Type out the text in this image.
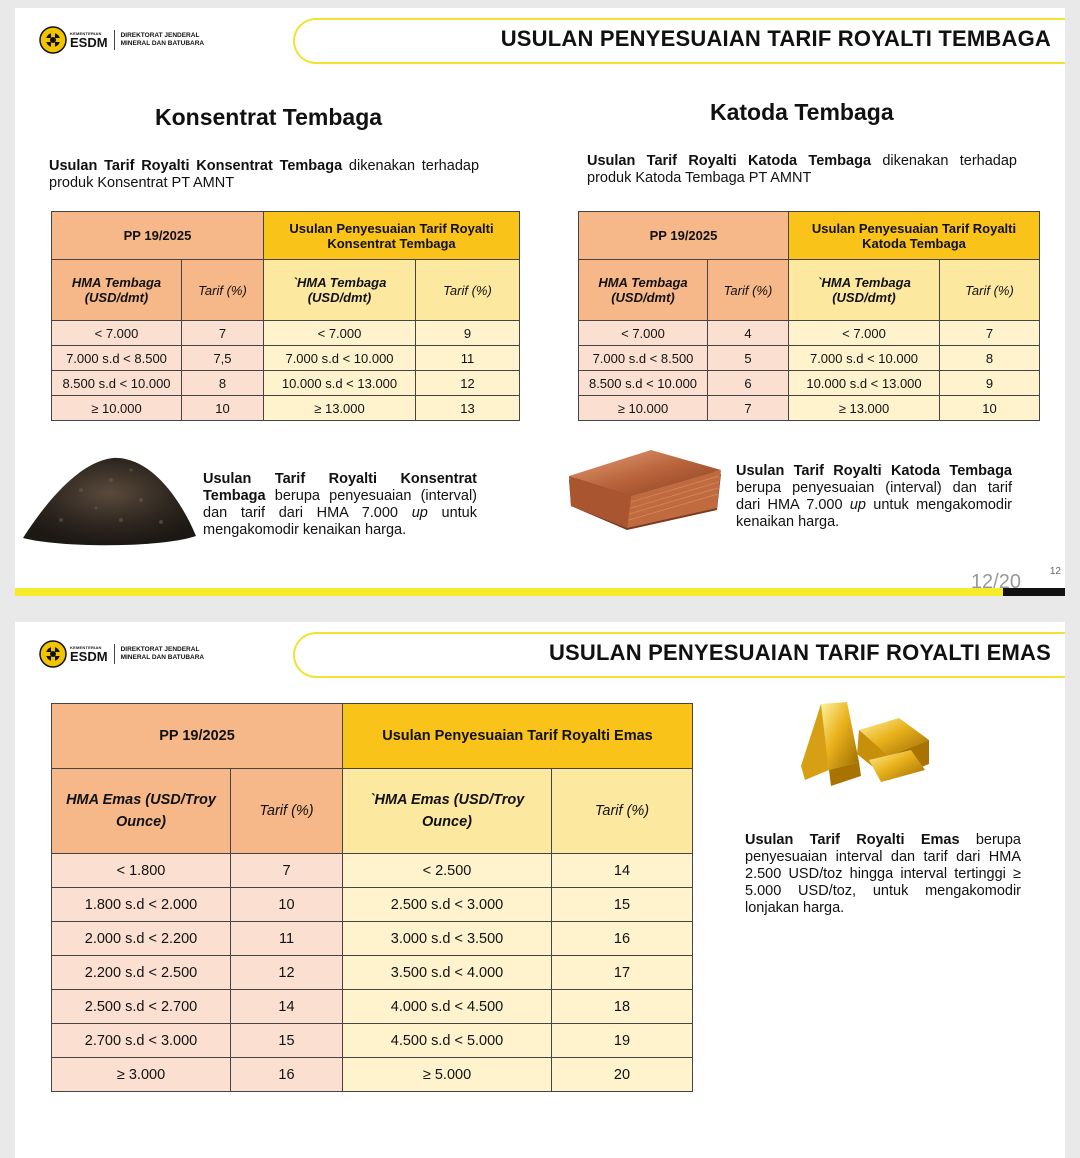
KEMENTERIAN
ESDM DIREKTORAT JENDERAL
MINERAL DAN BATUBARA	USULAN PENYESUAIAN TARIF ROYALTI TEMBAGA
Konsentrat Tembaga	Katoda Tembaga
Usulan Tarif Royalti Konsentrat Tembaga dikenakan terhadap produk Konsentrat PT AMNT
Usulan Tarif Royalti Katoda Tembaga dikenakan terhadap produk Katoda Tembaga PT AMNT
PP 19/2025		Usulan Penyesuaian Tarif Royalti Konsentrat Tembaga	
HMA Tembaga (USD/dmt)	Tarif (%)	`HMA Tembaga (USD/dmt)	Tarif (%)
< 7.000	7	< 7.000	9
7.000 s.d < 8.500	7,5	7.000 s.d < 10.000	11
8.500 s.d < 10.000	8	10.000 s.d < 13.000	12
≥ 10.000	10	≥ 13.000	13
PP 19/2025		Usulan Penyesuaian Tarif Royalti Katoda Tembaga	
HMA Tembaga (USD/dmt)	Tarif (%)	`HMA Tembaga (USD/dmt)	Tarif (%)
< 7.000	4	< 7.000	7
7.000 s.d < 8.500	5	7.000 s.d < 10.000	8
8.500 s.d < 10.000	6	10.000 s.d < 13.000	9
≥ 10.000	7	≥ 13.000	10
Usulan Tarif Royalti Konsentrat Tembaga berupa penyesuaian (interval) dan tarif dari HMA 7.000 up untuk mengakomodir kenaikan harga.
Usulan Tarif Royalti Katoda Tembaga berupa penyesuaian (interval) dan tarif dari HMA 7.000 up untuk mengakomodir kenaikan harga.
12
12/20
KEMENTERIAN
ESDM DIREKTORAT JENDERAL
MINERAL DAN BATUBARA	USULAN PENYESUAIAN TARIF ROYALTI EMAS
PP 19/2025		Usulan Penyesuaian Tarif Royalti Emas	
HMA Emas (USD/Troy Ounce)	Tarif (%)	`HMA Emas (USD/Troy Ounce)	Tarif (%)
< 1.800	7	< 2.500	14
1.800 s.d < 2.000	10	2.500 s.d < 3.000	15
2.000 s.d < 2.200	11	3.000 s.d < 3.500	16
2.200 s.d < 2.500	12	3.500 s.d < 4.000	17
2.500 s.d < 2.700	14	4.000 s.d < 4.500	18
2.700 s.d < 3.000	15	4.500 s.d < 5.000	19
≥ 3.000	16	≥ 5.000	20
Usulan Tarif Royalti Emas berupa penyesuaian interval dan tarif dari HMA 2.500 USD/toz hingga interval tertinggi ≥ 5.000 USD/toz, untuk mengakomodir lonjakan harga.
